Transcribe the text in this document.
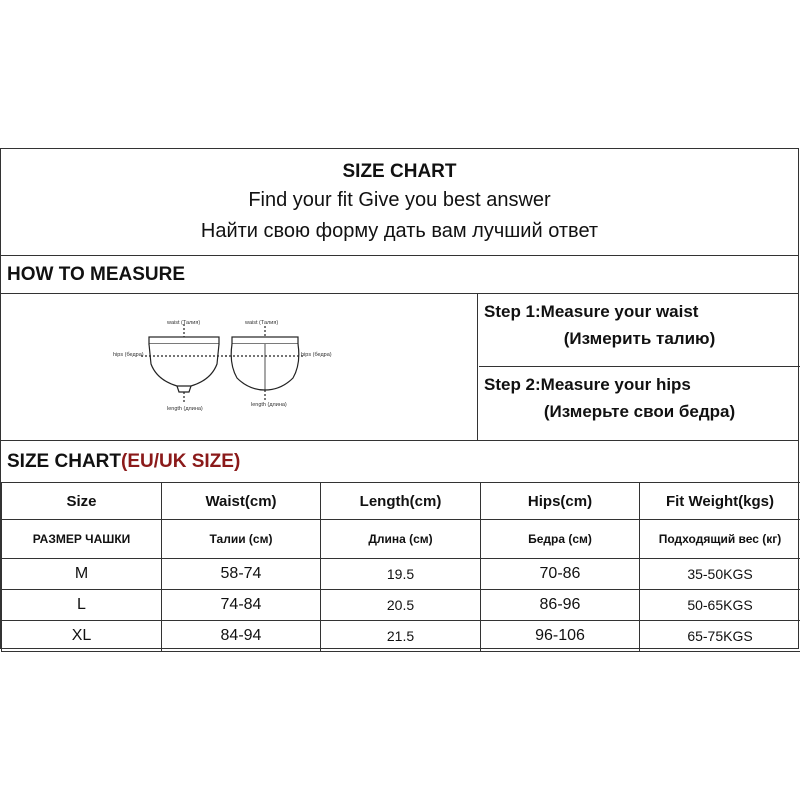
SIZE CHART
Find your fit Give you best answer
Найти свою форму дать вам лучший ответ
HOW TO MEASURE
waist (Талия)
hips (бедра)
length (длина)
waist (Талия)
hips (бедра)
length (длина)
Step 1:Measure your waist
(Измерить талию)
Step 2:Measure your hips
(Измерьте свои бедра)
SIZE CHART(EU/UK SIZE)
Size	Waist(cm)	Length(cm)	Hips(cm)	Fit Weight(kgs)
РАЗМЕР ЧАШКИ	Талии (см)	Длина (см)	Бедра (см)	Подходящий вес (кг)
M	58-74	19.5	70-86	35-50KGS
L	74-84	20.5	86-96	50-65KGS
XL	84-94	21.5	96-106	65-75KGS
